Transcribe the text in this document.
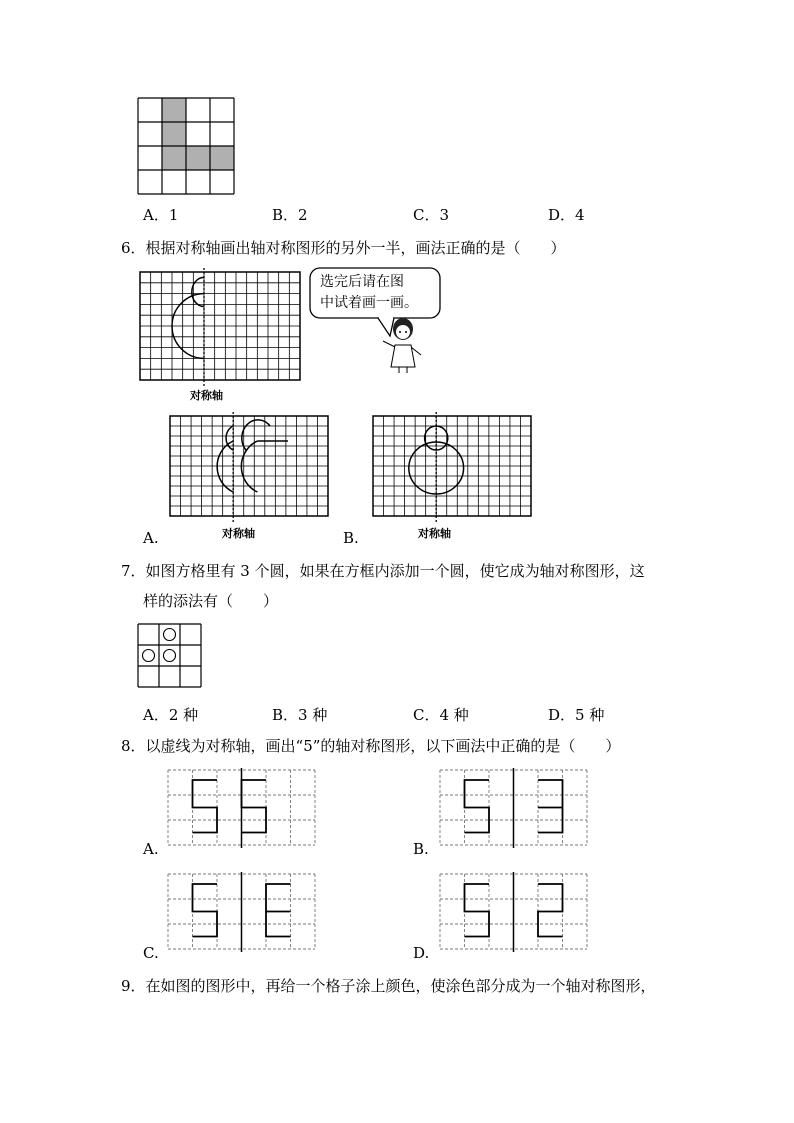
A．1	B．2	C．3	D．4
6．根据对称轴画出轴对称图形的另外一半，画法正确的是（　　）
对称轴
选完后请在图
中试着画一画。
对称轴
A.	对称轴
B.
7．如图方格里有 3 个圆，如果在方框内添加一个圆，使它成为轴对称图形，这
样的添法有（　　）
A．2 种	B．3 种	C．4 种	D．5 种
8．以虚线为对称轴，画出“5”的轴对称图形，以下画法中正确的是（　　）
A.	B.
C.	D.
9．在如图的图形中，再给一个格子涂上颜色，使涂色部分成为一个轴对称图形，
